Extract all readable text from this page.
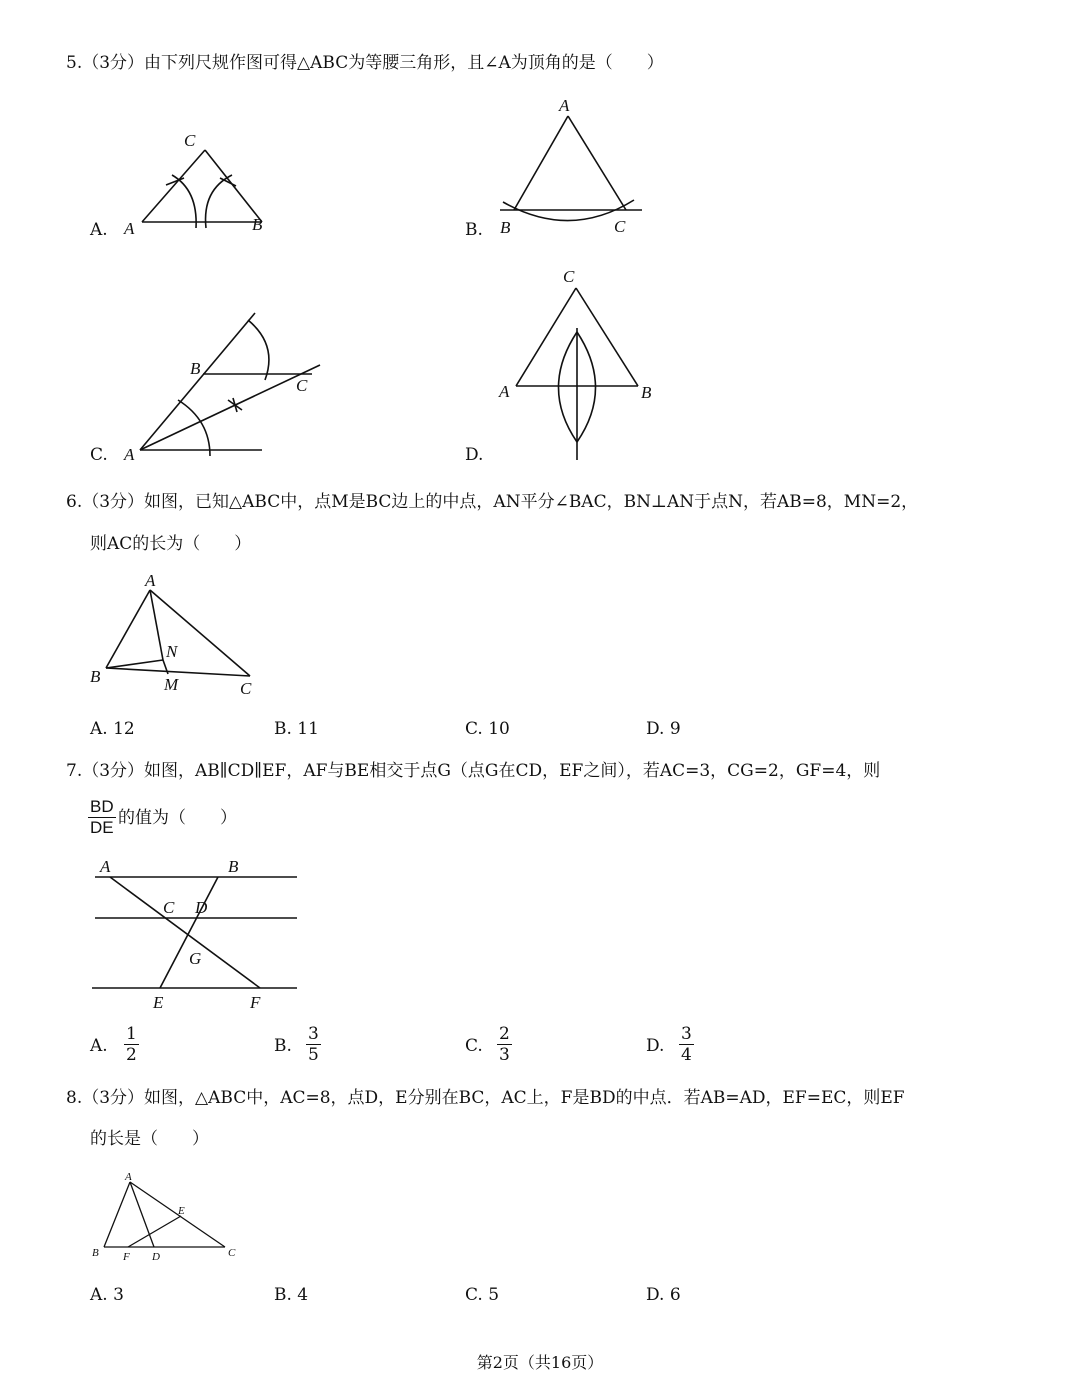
5.（3分）由下列尺规作图可得△ABC为等腰三角形，且∠A为顶角的是（　　）
A.
C
A	B	B.
A
B	C
C.
B
C
A	D.
C
A	B
6.（3分）如图，已知△ABC中，点M是BC边上的中点，AN平分∠BAC，BN⊥AN于点N，若AB=8，MN=2，
则AC的长为（　　）
A
N
B	M	C
A. 12	B. 11	C. 10	D. 9
7.（3分）如图，AB∥CD∥EF，AF与BE相交于点G（点G在CD，EF之间），若AC=3，CG=2，GF=4，则
$\frac{BD}{DE}$ 的值为（　　）
A	B
C D
G
E	F
A. $\frac{1}{2}$	B. $\frac{3}{5}$	C. $\frac{2}{3}$	D. $\frac{3}{4}$
8.（3分）如图，△ABC中，AC=8，点D，E分别在BC，AC上，F是BD的中点．若AB=AD，EF=EC，则EF
的长是（　　）
A
E
B F D	C
A. 3	B. 4	C. 5	D. 6
第2页（共16页）
